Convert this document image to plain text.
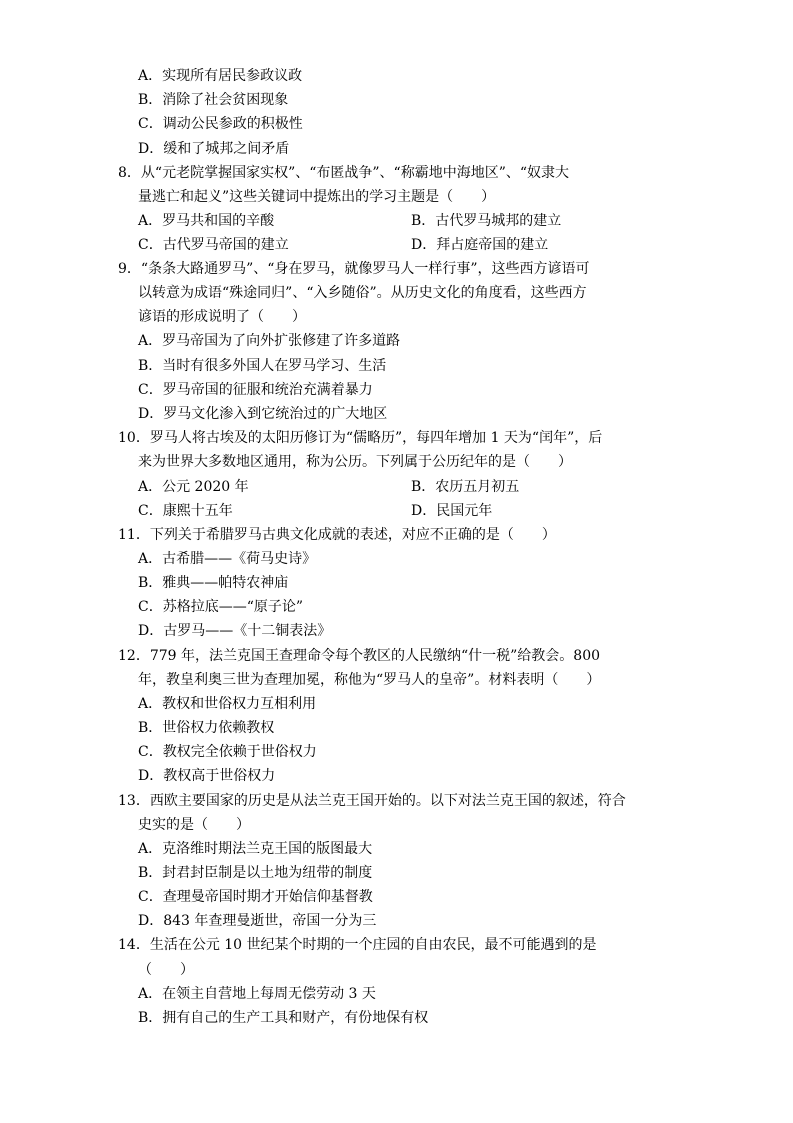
A．实现所有居民参政议政
B．消除了社会贫困现象
C．调动公民参政的积极性
D．缓和了城邦之间矛盾
8．从“元老院掌握国家实权”、“布匿战争”、“称霸地中海地区”、“奴隶大
量逃亡和起义”这些关键词中提炼出的学习主题是（　　）
A．罗马共和国的辛酸	B．古代罗马城邦的建立
C．古代罗马帝国的建立	D．拜占庭帝国的建立
9．“条条大路通罗马”、“身在罗马，就像罗马人一样行事”，这些西方谚语可
以转意为成语“殊途同归”、“入乡随俗”。从历史文化的角度看，这些西方
谚语的形成说明了（　　）
A．罗马帝国为了向外扩张修建了许多道路
B．当时有很多外国人在罗马学习、生活
C．罗马帝国的征服和统治充满着暴力
D．罗马文化渗入到它统治过的广大地区
10．罗马人将古埃及的太阳历修订为“儒略历”，每四年增加 1 天为“闰年”，后
来为世界大多数地区通用，称为公历。下列属于公历纪年的是（　　）
A．公元 2020 年	B．农历五月初五
C．康熙十五年	D．民国元年
11．下列关于希腊罗马古典文化成就的表述，对应不正确的是（　　）
A．古希腊——《荷马史诗》
B．雅典——帕特农神庙
C．苏格拉底——“原子论”
D．古罗马——《十二铜表法》
12．779 年，法兰克国王查理命令每个教区的人民缴纳“什一税”给教会。800
年，教皇利奥三世为查理加冕，称他为“罗马人的皇帝”。材料表明（　　）
A．教权和世俗权力互相利用
B．世俗权力依赖教权
C．教权完全依赖于世俗权力
D．教权高于世俗权力
13．西欧主要国家的历史是从法兰克王国开始的。以下对法兰克王国的叙述，符合
史实的是（　　）
A．克洛维时期法兰克王国的版图最大
B．封君封臣制是以土地为纽带的制度
C．查理曼帝国时期才开始信仰基督教
D．843 年查理曼逝世，帝国一分为三
14．生活在公元 10 世纪某个时期的一个庄园的自由农民，最不可能遇到的是
（　　）
A．在领主自营地上每周无偿劳动 3 天
B．拥有自己的生产工具和财产，有份地保有权
